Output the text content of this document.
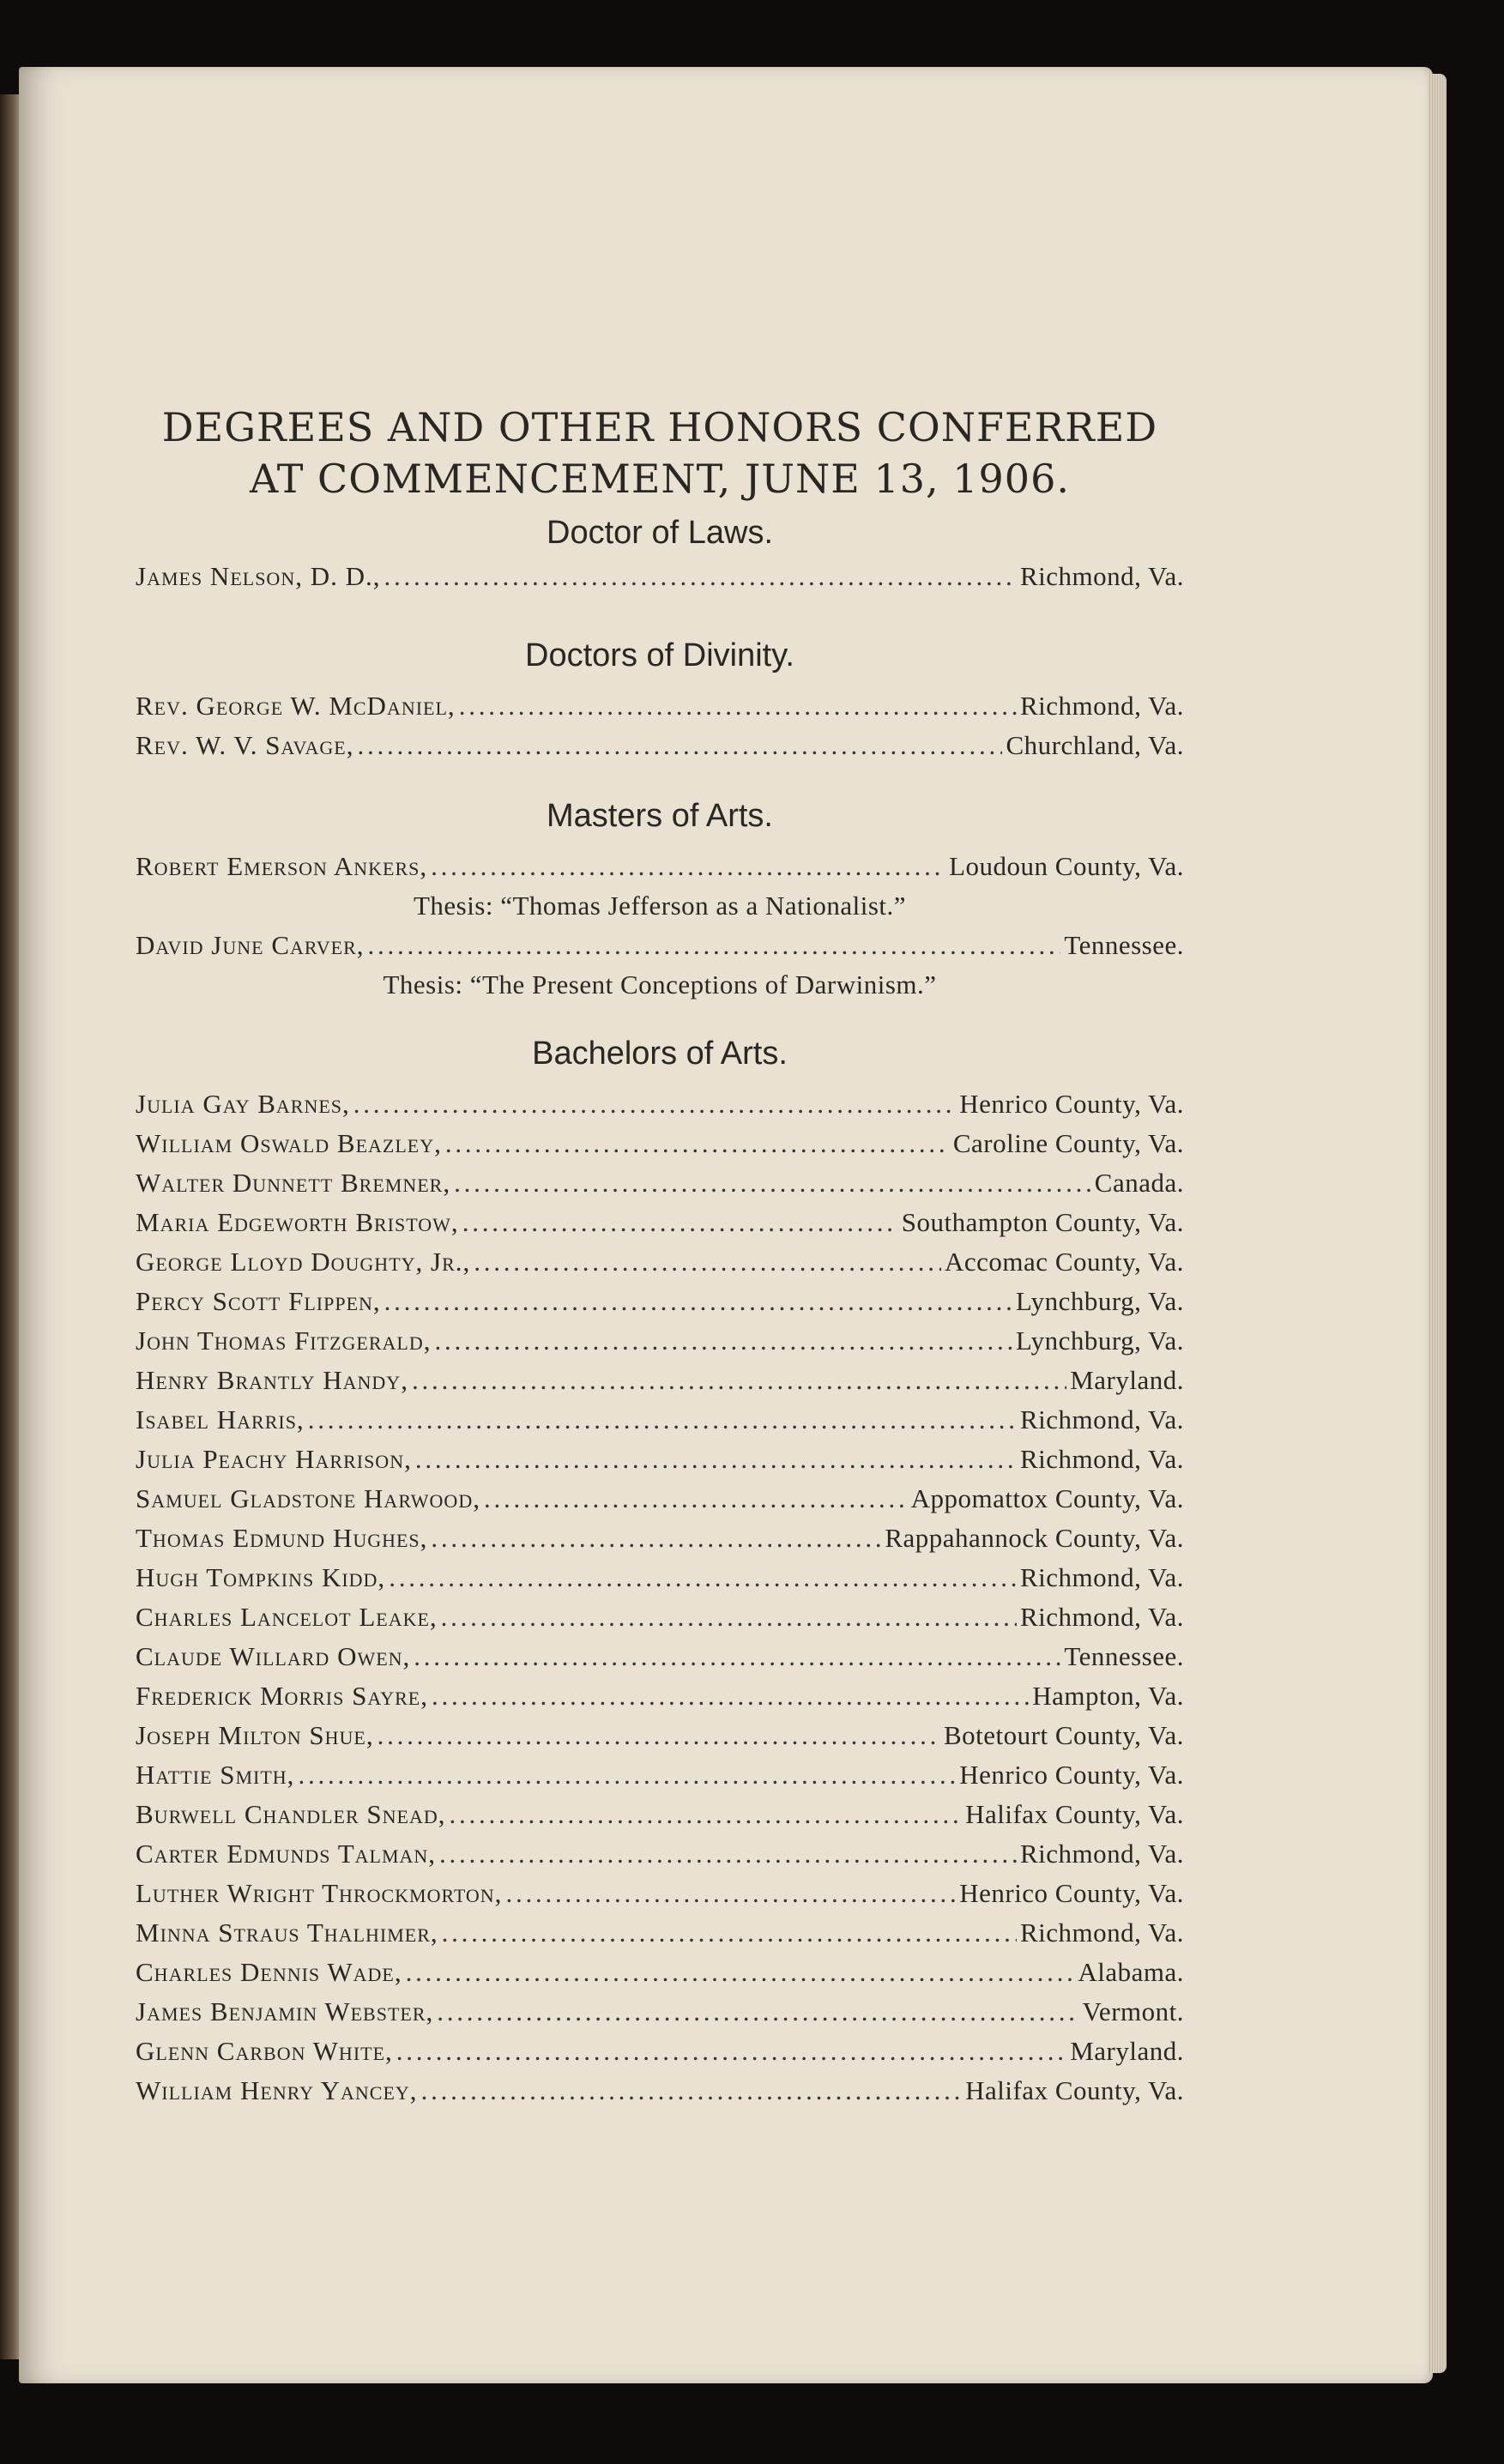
DEGREES AND OTHER HONORS CONFERRED
AT COMMENCEMENT, JUNE 13, 1906.
Doctor of Laws.
James Nelson, D. D., . . .	Richmond, Va.
Doctors of Divinity.
Rev. George W. McDaniel, . . .	Richmond, Va.
Rev. W. V. Savage, . . .	Churchland, Va.
Masters of Arts.
Robert Emerson Ankers, . . .	Loudoun County, Va.
Thesis: “Thomas Jefferson as a Nationalist.”
David June Carver, . . .	Tennessee.
Thesis: “The Present Conceptions of Darwinism.”
Bachelors of Arts.
Julia Gay Barnes, . . .	Henrico County, Va.
William Oswald Beazley, . . .	Caroline County, Va.
Walter Dunnett Bremner, . . .	Canada.
Maria Edgeworth Bristow, . . .	Southampton County, Va.
George Lloyd Doughty, Jr., . . .	Accomac County, Va.
Percy Scott Flippen, . . .	Lynchburg, Va.
John Thomas Fitzgerald, . . .	Lynchburg, Va.
Henry Brantly Handy, . . .	Maryland.
Isabel Harris, . . .	Richmond, Va.
Julia Peachy Harrison, . . .	Richmond, Va.
Samuel Gladstone Harwood, . . .	Appomattox County, Va.
Thomas Edmund Hughes, . . .	Rappahannock County, Va.
Hugh Tompkins Kidd, . . .	Richmond, Va.
Charles Lancelot Leake, . . .	Richmond, Va.
Claude Willard Owen, . . .	Tennessee.
Frederick Morris Sayre, . . .	Hampton, Va.
Joseph Milton Shue, . . .	Botetourt County, Va.
Hattie Smith, . . .	Henrico County, Va.
Burwell Chandler Snead, . . .	Halifax County, Va.
Carter Edmunds Talman, . . .	Richmond, Va.
Luther Wright Throckmorton, . . .	Henrico County, Va.
Minna Straus Thalhimer, . . .	Richmond, Va.
Charles Dennis Wade, . . .	Alabama.
James Benjamin Webster, . . .	Vermont.
Glenn Carbon White, . . .	Maryland.
William Henry Yancey, . . .	Halifax County, Va.
